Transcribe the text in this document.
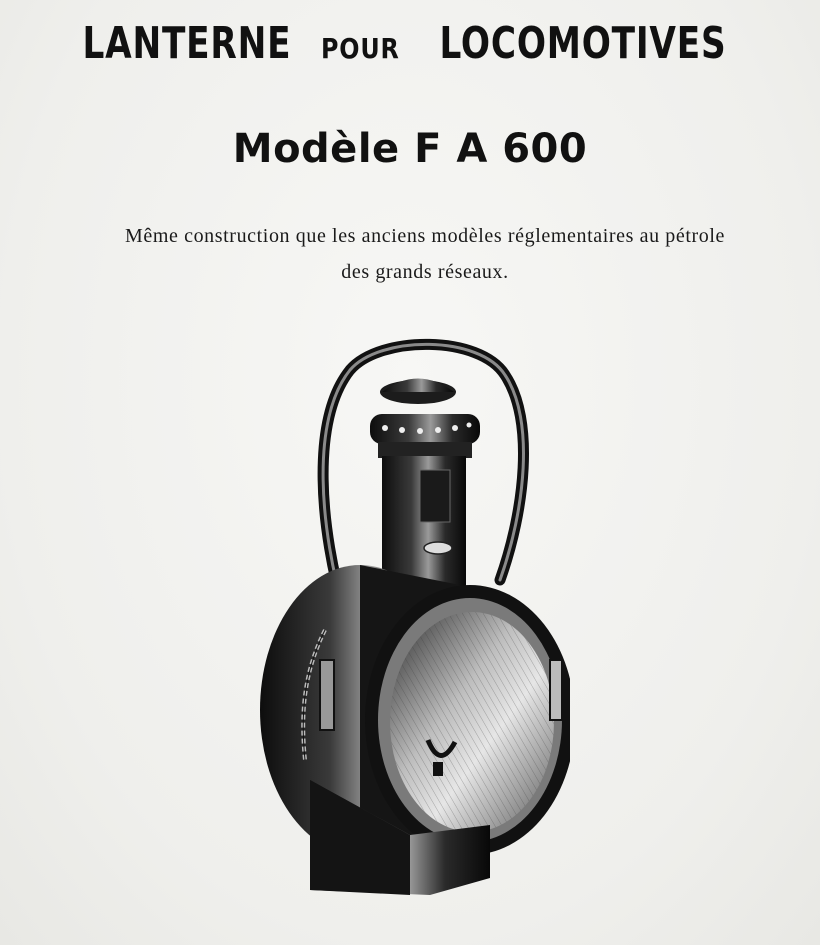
LANTERNE POUR LOCOMOTIVES
Modèle F A 600
Même construction que les anciens modèles réglementaires au pétrole
des grands réseaux.
